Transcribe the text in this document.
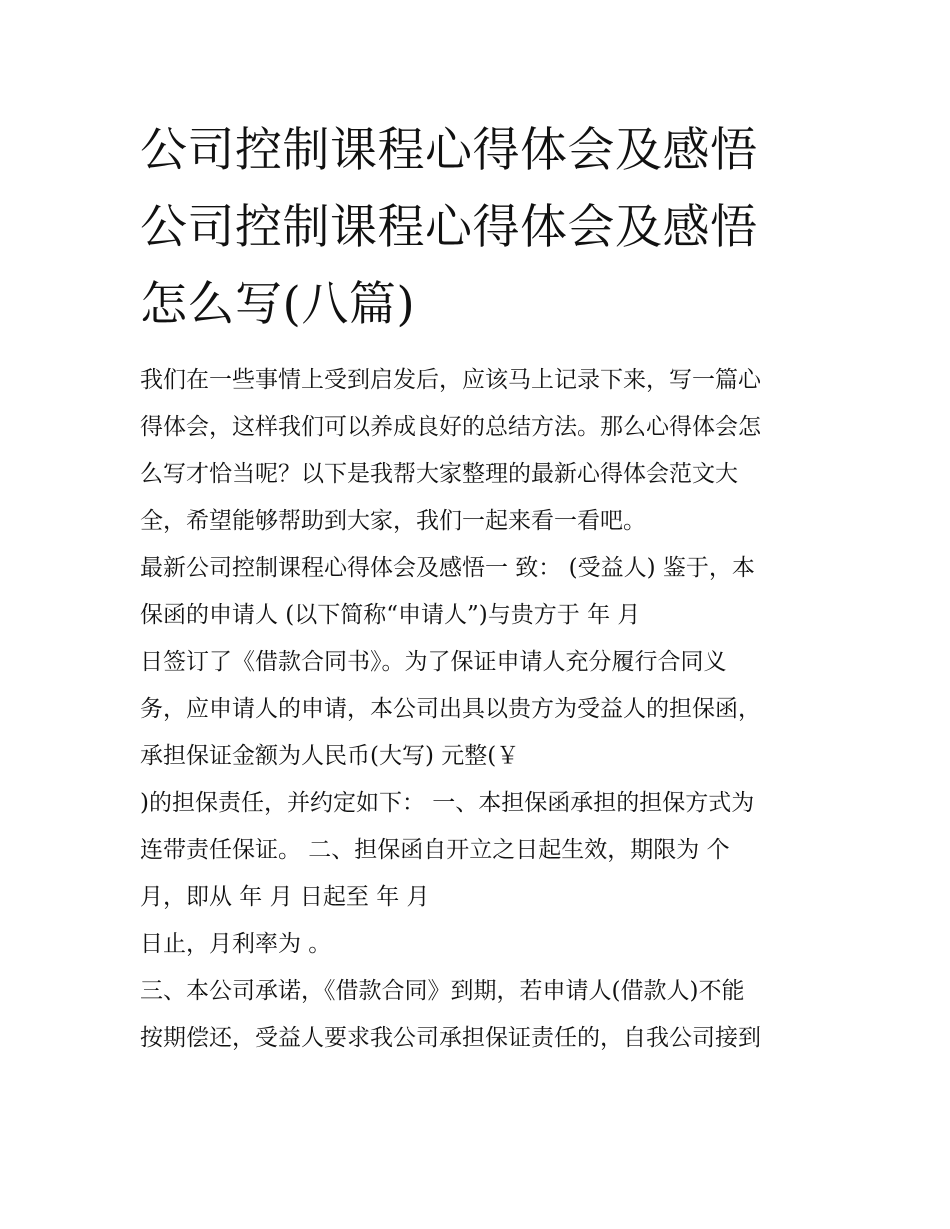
公司控制课程心得体会及感悟
公司控制课程心得体会及感悟
怎么写(八篇)
我们在一些事情上受到启发后，应该马上记录下来，写一篇心
得体会，这样我们可以养成良好的总结方法。那么心得体会怎
么写才恰当呢？以下是我帮大家整理的最新心得体会范文大
全，希望能够帮助到大家，我们一起来看一看吧。
最新公司控制课程心得体会及感悟一 致： (受益人) 鉴于，本
保函的申请人 (以下简称“申请人”)与贵方于 年 月
日签订了《借款合同书》。为了保证申请人充分履行合同义
务，应申请人的申请，本公司出具以贵方为受益人的担保函，
承担保证金额为人民币(大写) 元整(￥
)的担保责任，并约定如下： 一、本担保函承担的担保方式为
连带责任保证。 二、担保函自开立之日起生效，期限为 个
月，即从 年 月 日起至 年 月
日止，月利率为 。
三、本公司承诺，《借款合同》到期，若申请人(借款人)不能
按期偿还，受益人要求我公司承担保证责任的，自我公司接到
